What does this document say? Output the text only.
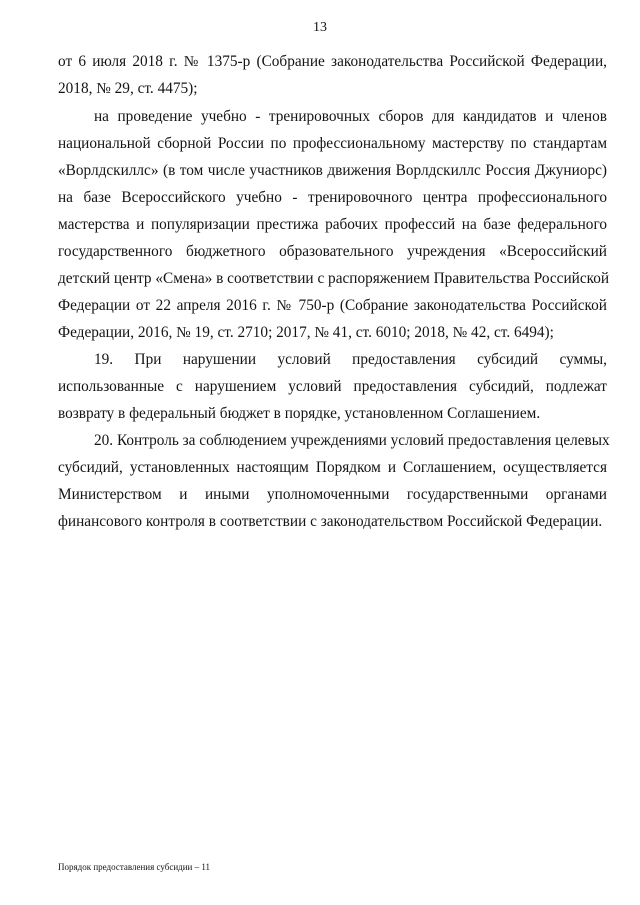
13
от 6 июля 2018 г. № 1375-р (Собрание законодательства Российской Федерации,
2018, № 29, ст. 4475);
на проведение учебно - тренировочных сборов для кандидатов и членов
национальной сборной России по профессиональному мастерству по стандартам
«Ворлдскиллс» (в том числе участников движения Ворлдскиллс Россия Джуниорс)
на базе Всероссийского учебно - тренировочного центра профессионального
мастерства и популяризации престижа рабочих профессий на базе федерального
государственного бюджетного образовательного учреждения «Всероссийский
детский центр «Смена» в соответствии с распоряжением Правительства Российской
Федерации от 22 апреля 2016 г. № 750-р (Собрание законодательства Российской
Федерации, 2016, № 19, ст. 2710; 2017, № 41, ст. 6010; 2018, № 42, ст. 6494);
19. При нарушении условий предоставления субсидий суммы,
использованные с нарушением условий предоставления субсидий, подлежат
возврату в федеральный бюджет в порядке, установленном Соглашением.
20. Контроль за соблюдением учреждениями условий предоставления целевых
субсидий, установленных настоящим Порядком и Соглашением, осуществляется
Министерством и иными уполномоченными государственными органами
финансового контроля в соответствии с законодательством Российской Федерации.
Порядок предоставления субсидии – 11
